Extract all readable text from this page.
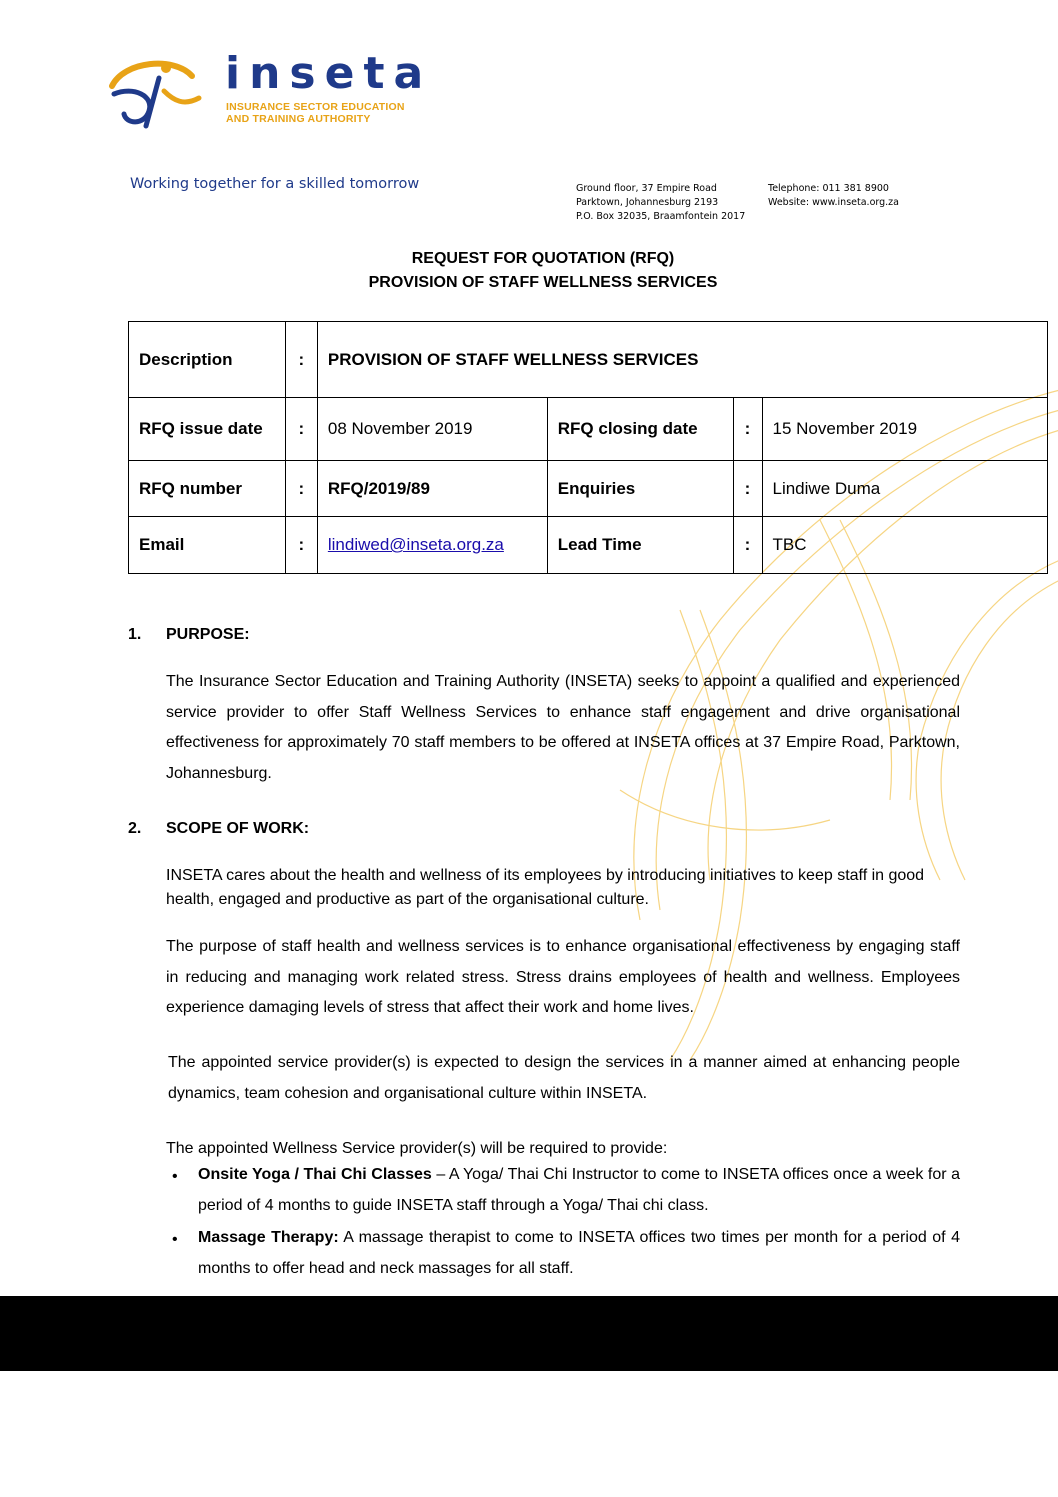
inseta
INSURANCE SECTOR EDUCATION
AND TRAINING AUTHORITY
Working together for a skilled tomorrow	Ground floor, 37 Empire Road
Parktown, Johannesburg 2193
P.O. Box 32035, Braamfontein 2017
Telephone: 011 381 8900
Website: www.inseta.org.za
REQUEST FOR QUOTATION (RFQ)
PROVISION OF STAFF WELLNESS SERVICES
Description	:	PROVISION OF STAFF WELLNESS SERVICES			
RFQ issue date	:	08 November 2019	RFQ closing date	:	15 November 2019
RFQ number	:	RFQ/2019/89	Enquiries	:	Lindiwe Duma
Email	:	lindiwed@inseta.org.za	Lead Time	:	TBC
1. PURPOSE:
The Insurance Sector Education and Training Authority (INSETA) seeks to appoint a qualified and experienced service provider to offer Staff Wellness Services to enhance staff engagement and drive organisational effectiveness for approximately 70 staff members to be offered at INSETA offices at 37 Empire Road, Parktown, Johannesburg.
2. SCOPE OF WORK:
INSETA cares about the health and wellness of its employees by introducing initiatives to keep staff in good health, engaged and productive as part of the organisational culture.
The purpose of staff health and wellness services is to enhance organisational effectiveness by engaging staff in reducing and managing work related stress. Stress drains employees of health and wellness. Employees experience damaging levels of stress that affect their work and home lives.
The appointed service provider(s) is expected to design the services in a manner aimed at enhancing people dynamics, team cohesion and organisational culture within INSETA.
The appointed Wellness Service provider(s) will be required to provide:
• Onsite Yoga / Thai Chi Classes – A Yoga/ Thai Chi Instructor to come to INSETA offices once a week for a period of 4 months to guide INSETA staff through a Yoga/ Thai chi class.
• Massage Therapy: A massage therapist to come to INSETA offices two times per month for a period of 4 months to offer head and neck massages for all staff.
